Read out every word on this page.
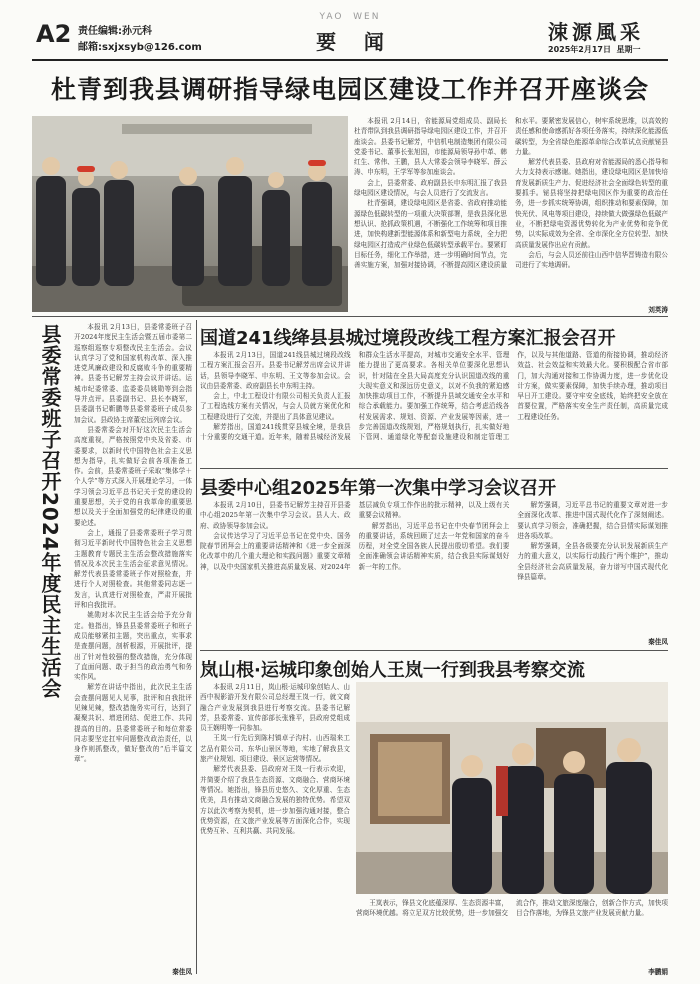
A2 责任编辑:孙元科
邮箱:sxjxsyb@126.com
YAO  WEN
要    闻	涑源風采
2025年2月17日  星期一
杜青到我县调研指导绿电园区建设工作并召开座谈会

本报讯 2月14日，省能源局党组成员、副局长杜青带队到我县调研指导绿电园区建设工作，并召开座谈会。县委书记解芳，中信机电制造集团有限公司党委书记、董事长张旭国，市能源局领导孙中革、韩红生、常伟、王鹏，县人大常委会领导李晓军、薛云涛、申东明，王学军等参加座谈会。

会上，县委常委、政府副县长申东明汇报了我县绿电园区建设情况，与会人员进行了交流发言。

杜青强调，建设绿电园区是省委、省政府推动能源绿色低碳转型的一项重大决策部署，是我县深化思想认识、抢抓政策机遇，不断强化工作统筹和项目推进，加快构建新型能源体系和新型电力系统，全力把绿电园区打造成产业绿色低碳转型承载平台。要紧盯目标任务，细化工作举措，进一步明确时间节点，完善实施方案，加强对接协调，不断提高园区建设质量和水平。要紧密发展信心，树牢系统思维，以高效的责任感和使命感抓好各项任务落实，持续深化能源低碳转型，为全省绿色能源革命综合改革试点贡献铋县力量。

解芳代表县委、县政府对省能源局的悉心指导和大力支持表示感谢。她指出，建设绿电园区是加快培育发展新质生产力、促进经济社会全面绿色转型的重要抓手。铋县将坚持把绿电园区作为重要的政治任务，进一步抓实统筹协调，组织推动和要素保障，加快光伏、风电等项目建设，持续做大做强绿色低碳产业，不断把绿电资源优势转化为产业优势和竞争优势，以实际成效为全省、全市深化全方位转型、加快高质量发展作出应有贡献。

会后，与会人员还前往山西中信华晋铸造有限公司进行了实地调研。

刘英涛
县委常委班子召开2024年度民主生活会	本报讯 2月13日，县委常委班子召开2024年度民主生活会暨五届市委第二巡察组巡察专项整改民主生活会。会议认真学习了党和国家机构改革、深入推进党风廉政建设和反腐败斗争的重要精神。县委书记解芳主持会议并讲话。运城市纪委常委、监委委员姚勋等到会指导并点评。县委副书记、县长李晓军，县委副书记靳鹏等县委常委班子成员参加会议。县政协主席董宏远列席会议。

县委常委会对开好这次民主生活会高度重视，严格按照党中央及省委、市委要求，以新时代中国特色社会主义思想为指导，扎实做好会前各项准备工作。会前，县委常委班子采取“集体学＋个人学”等方式深入开展理论学习，一体学习领会习近平总书记关于党的建设的重要思想，关于党的自我革命的重要思想以及关于全面加强党的纪律建设的重要论述。

会上，通报了县委常委班子学习贯彻习近平新时代中国特色社会主义思想主题教育专题民主生活会整改措施落实情况及本次民主生活会征求意见情况。解芳代表县委常委班子作对照检查，并进行个人对照检查。其他常委同志逐一发言，认真进行对照检查，严肃开展批评和自我批评。

姚勋对本次民主生活会给予充分肯定。他指出，锋县县委常委班子和班子成员能够紧扣主题，突出重点，实事求是查摆问题，剖析根源，开展批评，提出了针对性较强的整改措施，充分体现了直面问题、敢于担当的政治勇气和务实作风。

解芳在讲话中指出，此次民主生活会查摆问题见人见事，批评和自我批评见辣见辣，整改措施务实可行，达到了凝聚共识、增进团结、促进工作、共同提高的目的。县委常委班子和每位常委同志要坚定扛牢问题整改政治责任，以身作则抓整改，做好整改的“后半篇文章”。

秦佳凤
国道241线绛县县城过境段改线工程方案汇报会召开

本报讯 2月13日，国道241线县城过境段改线工程方案汇报会召开。县委书记解芳出席会议并讲话，县领导李晓军、申东明、王文等参加会议。会议由县委常委、政府副县长申东明主持。

会上，中北工程设计有限公司相关负责人汇报了工程选线方案有关情况，与会人员就方案优化和工程建设进行了交流，并提出了具体意见建议。

解芳指出，国道241线贯穿县城全境，是我县十分重要的交通干道。近年来，随着县城经济发展和群众生活水平提高，对城市交通安全水平、管理能力提出了更高要求。各相关单位要深化思想认识，针对陆在全县大局高度充分认识国道改线的重大现实意义和深远历史意义，以对不负我的紧迫感加快推动项目工作，不断提升县域交通安全水平和综合承载能力。要加强工作统筹，结合考虑沿线各村发展需求、规划、资源、产业发展等因素，进一步完善国道改线规划，严格规划执行，扎实做好地下管网、通道绿化等配套设施建设和制定管理工作，以及与其他道路、管道的衔接协调，推动经济效益、社会效益和实效最大化。要积极配合省市部门，加大沟通对接和工作协调力度，进一步优化设计方案，做实要素保障，加快手续办理，推动项目早日开工建设。要守牢安全底线，始终把安全放在首要位置，严格落实安全生产责任制，高质量完成工程建设任务。

县委中心组2025年第一次集中学习会议召开

本报讯 2月10日，县委书记解芳主持召开县委中心组2025年第一次集中学习会议。县人大、政府、政协领导参加会议。

会议传达学习了习近平总书记在党中央、国务院春节团拜会上的重要讲话精神和《进一步全面深化改革中的几个重大理论和实践问题》重要文章精神，以及中央国家机关推进高质量发展、对2024年基层减负专项工作作出的批示精神，以及上级有关重要会议精神。

解芳指出，习近平总书记在中央春节团拜会上的重要讲话，系统回顾了过去一年党和国家的奋斗历程，对全党全国各族人民提出殷切希望。我们要全面准确领会讲话精神实质，结合我县实际谋划好新一年的工作。

解芳强调，习近平总书记的重要文章对进一步全面深化改革、推进中国式现代化作了深刻阐述。要认真学习领会，准确把握，结合县情实际谋划推进各项改革。

解芳强调，全县各级要充分认识发展新质生产力的重大意义，以实际行动践行“两个维护”，推动全县经济社会高质量发展，奋力谱写中国式现代化锋县篇章。

秦佳凤
岚山根·运城印象创始人王岚一行到我县考察交流

本报讯 2月11日，岚山根·运城印象创始人、山西中视影游开发有限公司总经理王岚一行，就文商融合产业发展到我县进行考察交流。县委书记解芳，县委常委、宣传部部长张雅平，县政府党组成员王娴明等一同参加。

王岚一行先后到陈村镇卓子沟村、山西瑞来工艺品有限公司、东华山景区等地，实地了解我县文旅产业规划、项目建设、景区运营等情况。

解芳代表县委、县政府对王岚一行表示欢迎，并简要介绍了我县生态资源、文商融合、营商环境等情况。她指出，锋县历史悠久、文化厚重、生态优美，具有推动文商融合发展的独特优势。希望双方以此次考察为契机，进一步加强沟通对接，整合优势资源，在文旅产业发展等方面深化合作，实现优势互补、互利共赢、共同发展。

王岚表示，锋县文化底蕴深厚、生态资源丰富，营商环境优越。将立足双方比较优势，进一步加强交流合作，推动文旅深度融合，创新合作方式，加快项目合作落地，为锋县文旅产业发展贡献力量。

李鹏娟
